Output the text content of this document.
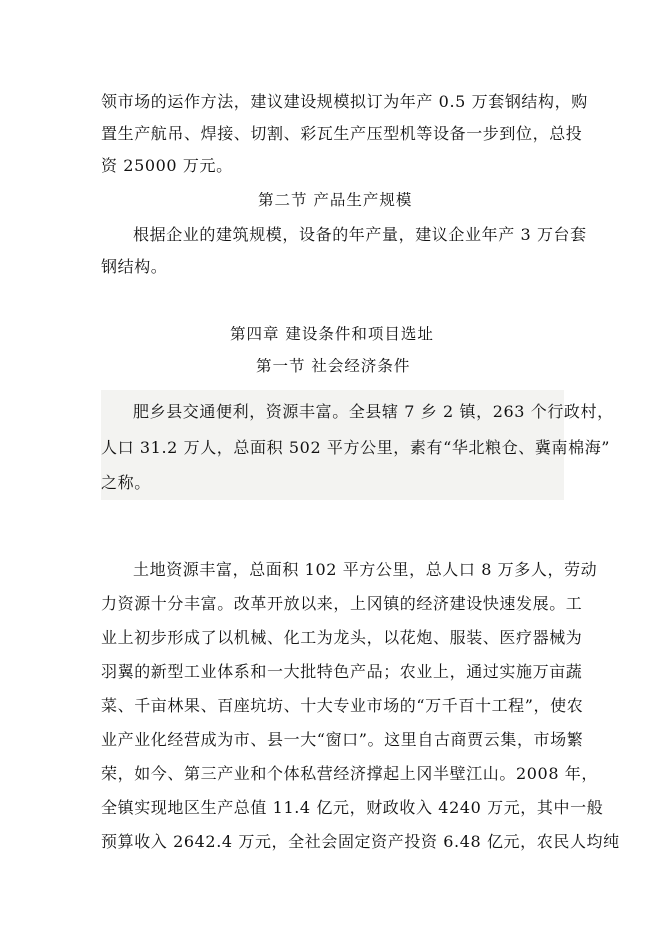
领市场的运作方法，建议建设规模拟订为年产 0.5 万套钢结构，购
置生产航吊、焊接、切割、彩瓦生产压型机等设备一步到位，总投
资 25000 万元。
第二节 产品生产规模
根据企业的建筑规模，设备的年产量，建议企业年产 3 万台套
钢结构。
第四章 建设条件和项目选址
第一节 社会经济条件
肥乡县交通便利，资源丰富。全县辖 7 乡 2 镇，263 个行政村，
人口 31.2 万人，总面积 502 平方公里，素有“华北粮仓、冀南棉海”
之称。
土地资源丰富，总面积 102 平方公里，总人口 8 万多人，劳动
力资源十分丰富。改革开放以来，上冈镇的经济建设快速发展。工
业上初步形成了以机械、化工为龙头，以花炮、服装、医疗器械为
羽翼的新型工业体系和一大批特色产品；农业上，通过实施万亩蔬
菜、千亩林果、百座坑坊、十大专业市场的“万千百十工程”，使农
业产业化经营成为市、县一大“窗口”。这里自古商贾云集，市场繁
荣，如今、第三产业和个体私营经济撑起上冈半壁江山。2008 年，
全镇实现地区生产总值 11.4 亿元，财政收入 4240 万元，其中一般
预算收入 2642.4 万元，全社会固定资产投资 6.48 亿元，农民人均纯
